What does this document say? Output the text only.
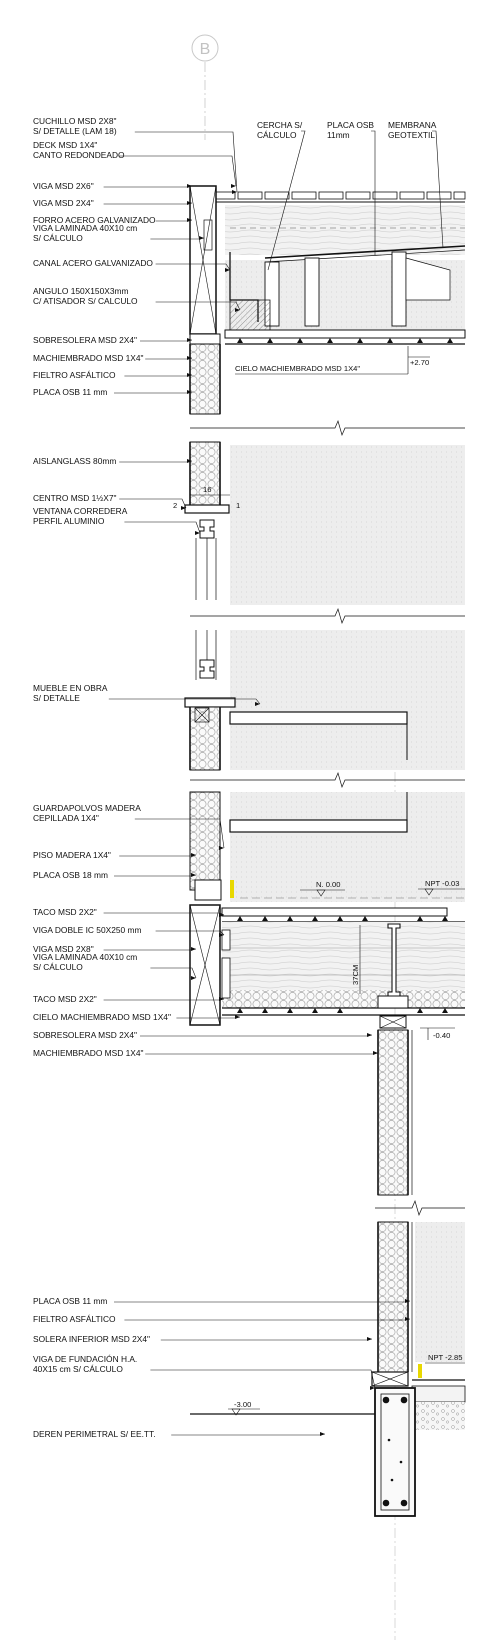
B
CIELO MACHIEMBRADO MSD 1X4"
+2.70
16
2	1
37CM
N. 0.00	NPT -0.03
-0.40
NPT -2.85
-3.00
CUCHILLO MSD 2X8"
S/ DETALLE (LAM 18)
DECK MSD 1X4"
CANTO REDONDEADO
VIGA MSD 2X6"
VIGA MSD 2X4"
FORRO ACERO GALVANIZADO
VIGA LAMINADA 40X10 cm
S/ CÁLCULO
CANAL ACERO GALVANIZADO
ANGULO 150X150X3mm
C/ ATISADOR S/ CALCULO
SOBRESOLERA MSD 2X4"
MACHIEMBRADO MSD 1X4"
FIELTRO ASFÁLTICO
PLACA OSB 11 mm
AISLANGLASS 80mm
CENTRO MSD 1½X7"
VENTANA CORREDERA
PERFIL ALUMINIO
MUEBLE EN OBRA
S/ DETALLE
GUARDAPOLVOS MADERA
CEPILLADA 1X4"
PISO MADERA 1X4"
PLACA OSB 18 mm
TACO MSD 2X2"
VIGA DOBLE IC 50X250 mm
VIGA MSD 2X8"
VIGA LAMINADA 40X10 cm
S/ CÁLCULO
TACO MSD 2X2"
CIELO MACHIEMBRADO MSD 1X4"
SOBRESOLERA MSD 2X4"
MACHIEMBRADO MSD 1X4"
PLACA OSB 11 mm
FIELTRO ASFÁLTICO
SOLERA INFERIOR MSD 2X4"
VIGA DE FUNDACIÓN H.A.
40X15 cm S/ CÁLCULO
DEREN PERIMETRAL S/ EE.TT.
CERCHA S/
CÁLCULO
PLACA OSB
11mm
MEMBRANA
GEOTEXTIL
